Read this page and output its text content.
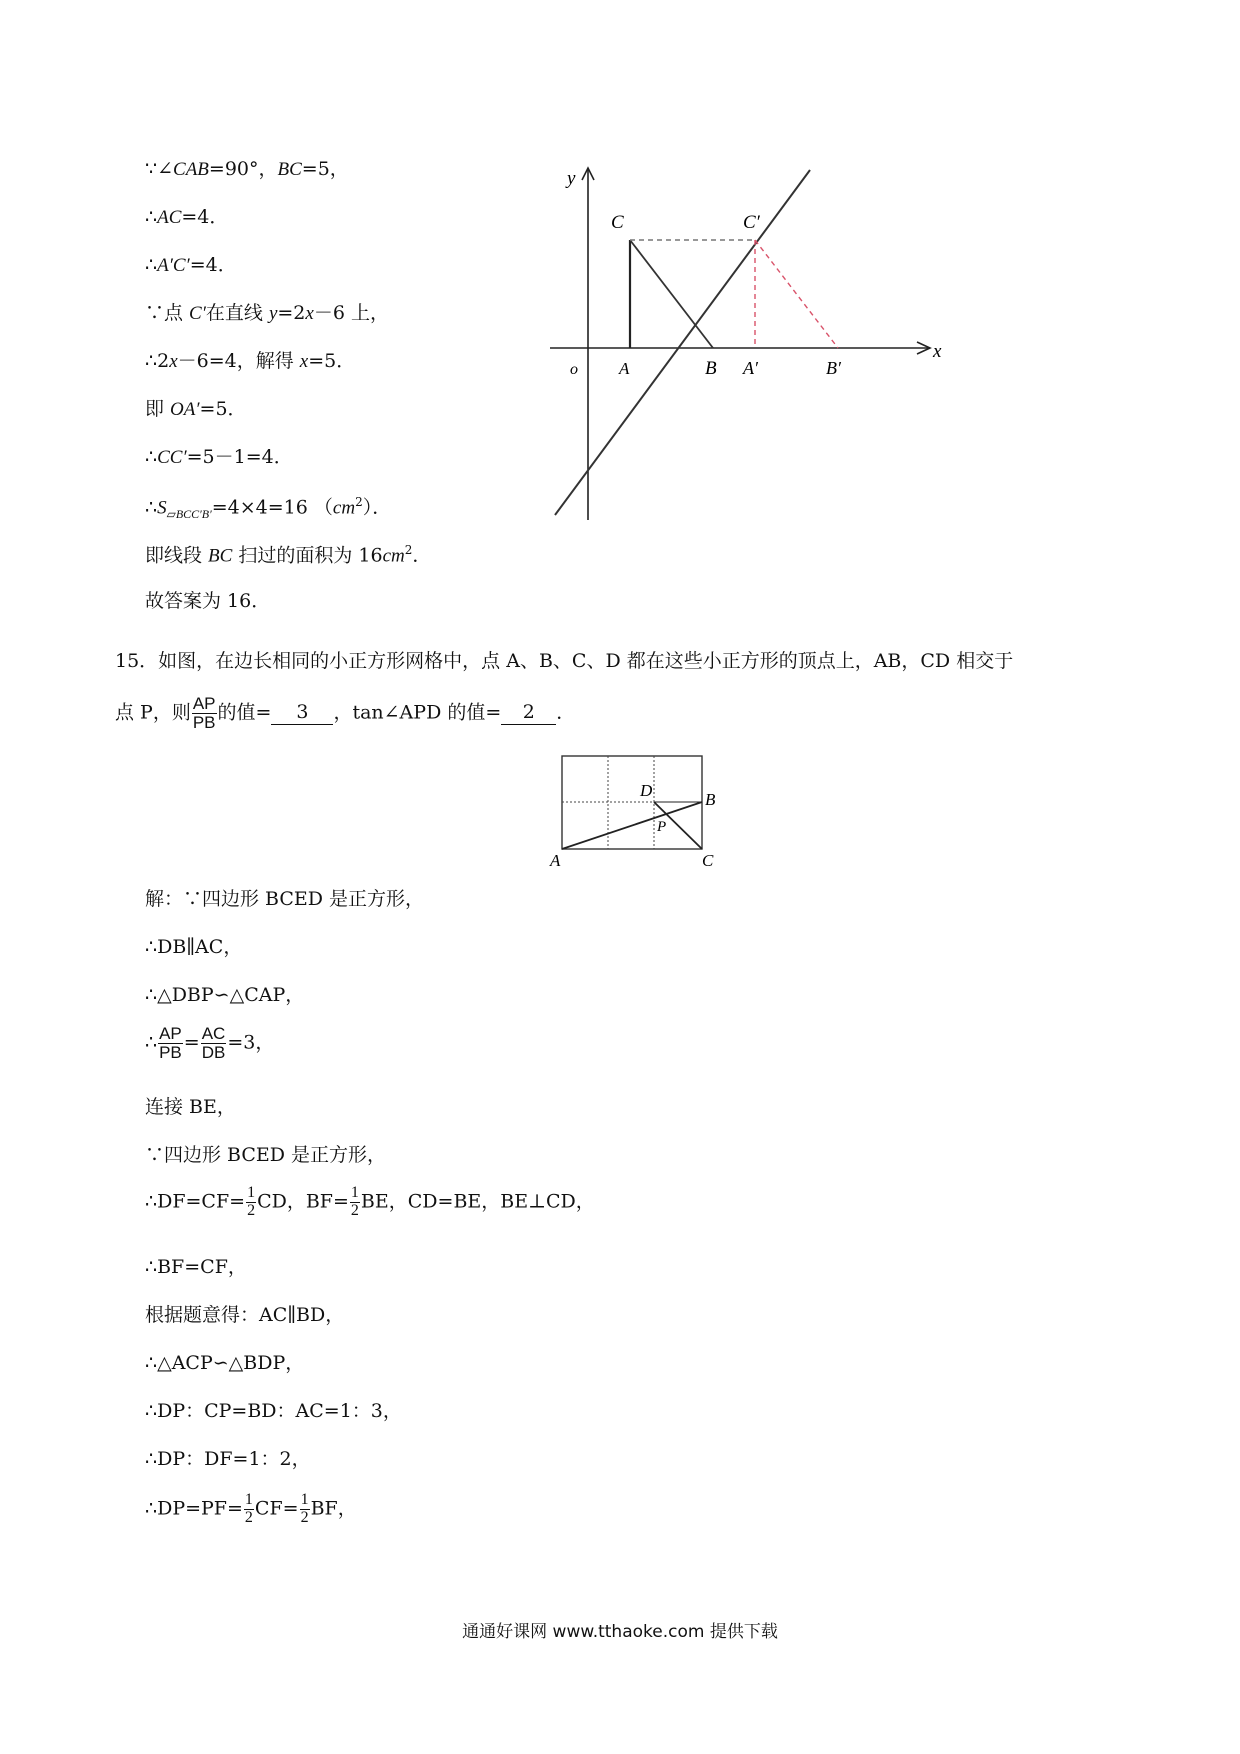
∵∠CAB=90°，BC=5，
∴AC=4．
∴A′C′=4．
∵点 C′在直线 y=2x－6 上，
∴2x－6=4，解得 x=5．
即 OA′=5．
∴CC′=5－1=4．
$\therefore S_{▱BCC'B'}=4\times 4=16$ $(cm^2)$．
即线段 BC 扫过的面积为 $16cm^2$．
故答案为 16．
y
x
o
C	C′
A	B A′	B′
15．如图，在边长相同的小正方形网格中，点 A、B、C、D 都在这些小正方形的顶点上，AB，CD 相交于
点 P，则 $\frac{AP}{PB}$ 的值= 3 ，tan∠APD 的值= 2 ．
A
B
C
D
P
解：∵四边形 BCED 是正方形，
∴DB∥AC，
∴△DBP∽△CAP，
∴ $\frac{AP}{PB} = \frac{AC}{DB} =3$，
连接 BE，
∵四边形 BCED 是正方形，
∴DF=CF= $\frac{1}{2}$ CD，$BF= \frac{1}{2}$ BE，CD=BE，BE⊥CD，
∴BF=CF，
根据题意得：AC∥BD，
∴△ACP∽△BDP，
∴DP：CP=BD：AC=1：3，
∴DP：DF=1：2，
∴DP=PF= $\frac{1}{2} CF= \frac{1}{2}$ BF，
通通好课网 www.tthaoke.com 提供下载
